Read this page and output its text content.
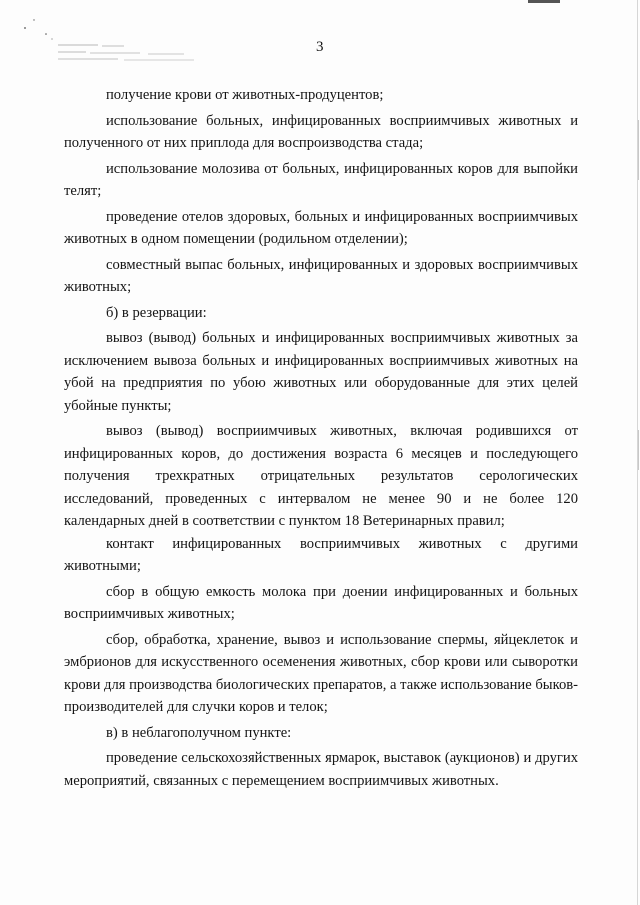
3

получение крови от животных-продуцентов;

использование больных, инфицированных восприимчивых животных и полученного от них приплода для воспроизводства стада;

использование молозива от больных, инфицированных коров для выпойки телят;

проведение отелов здоровых, больных и инфицированных восприимчивых животных в одном помещении (родильном отделении);

совместный выпас больных, инфицированных и здоровых восприимчивых животных;

б) в резервации:

вывоз (вывод) больных и инфицированных восприимчивых животных за исключением вывоза больных и инфицированных восприимчивых животных на убой на предприятия по убою животных или оборудованные для этих целей убойные пункты;

вывоз (вывод) восприимчивых животных, включая родившихся от инфицированных коров, до достижения возраста 6 месяцев и последующего получения трехкратных отрицательных результатов серологических исследований, проведенных с интервалом не менее 90 и не более 120 календарных дней в соответствии с пунктом 18 Ветеринарных правил;

контакт инфицированных восприимчивых животных с другими животными;

сбор в общую емкость молока при доении инфицированных и больных восприимчивых животных;

сбор, обработка, хранение, вывоз и использование спермы, яйцеклеток и эмбрионов для искусственного осеменения животных, сбор крови или сыворотки крови для производства биологических препаратов, а также использование быков-производителей для случки коров и телок;

в) в неблагополучном пункте:

проведение сельскохозяйственных ярмарок, выставок (аукционов) и других мероприятий, связанных с перемещением восприимчивых животных.
